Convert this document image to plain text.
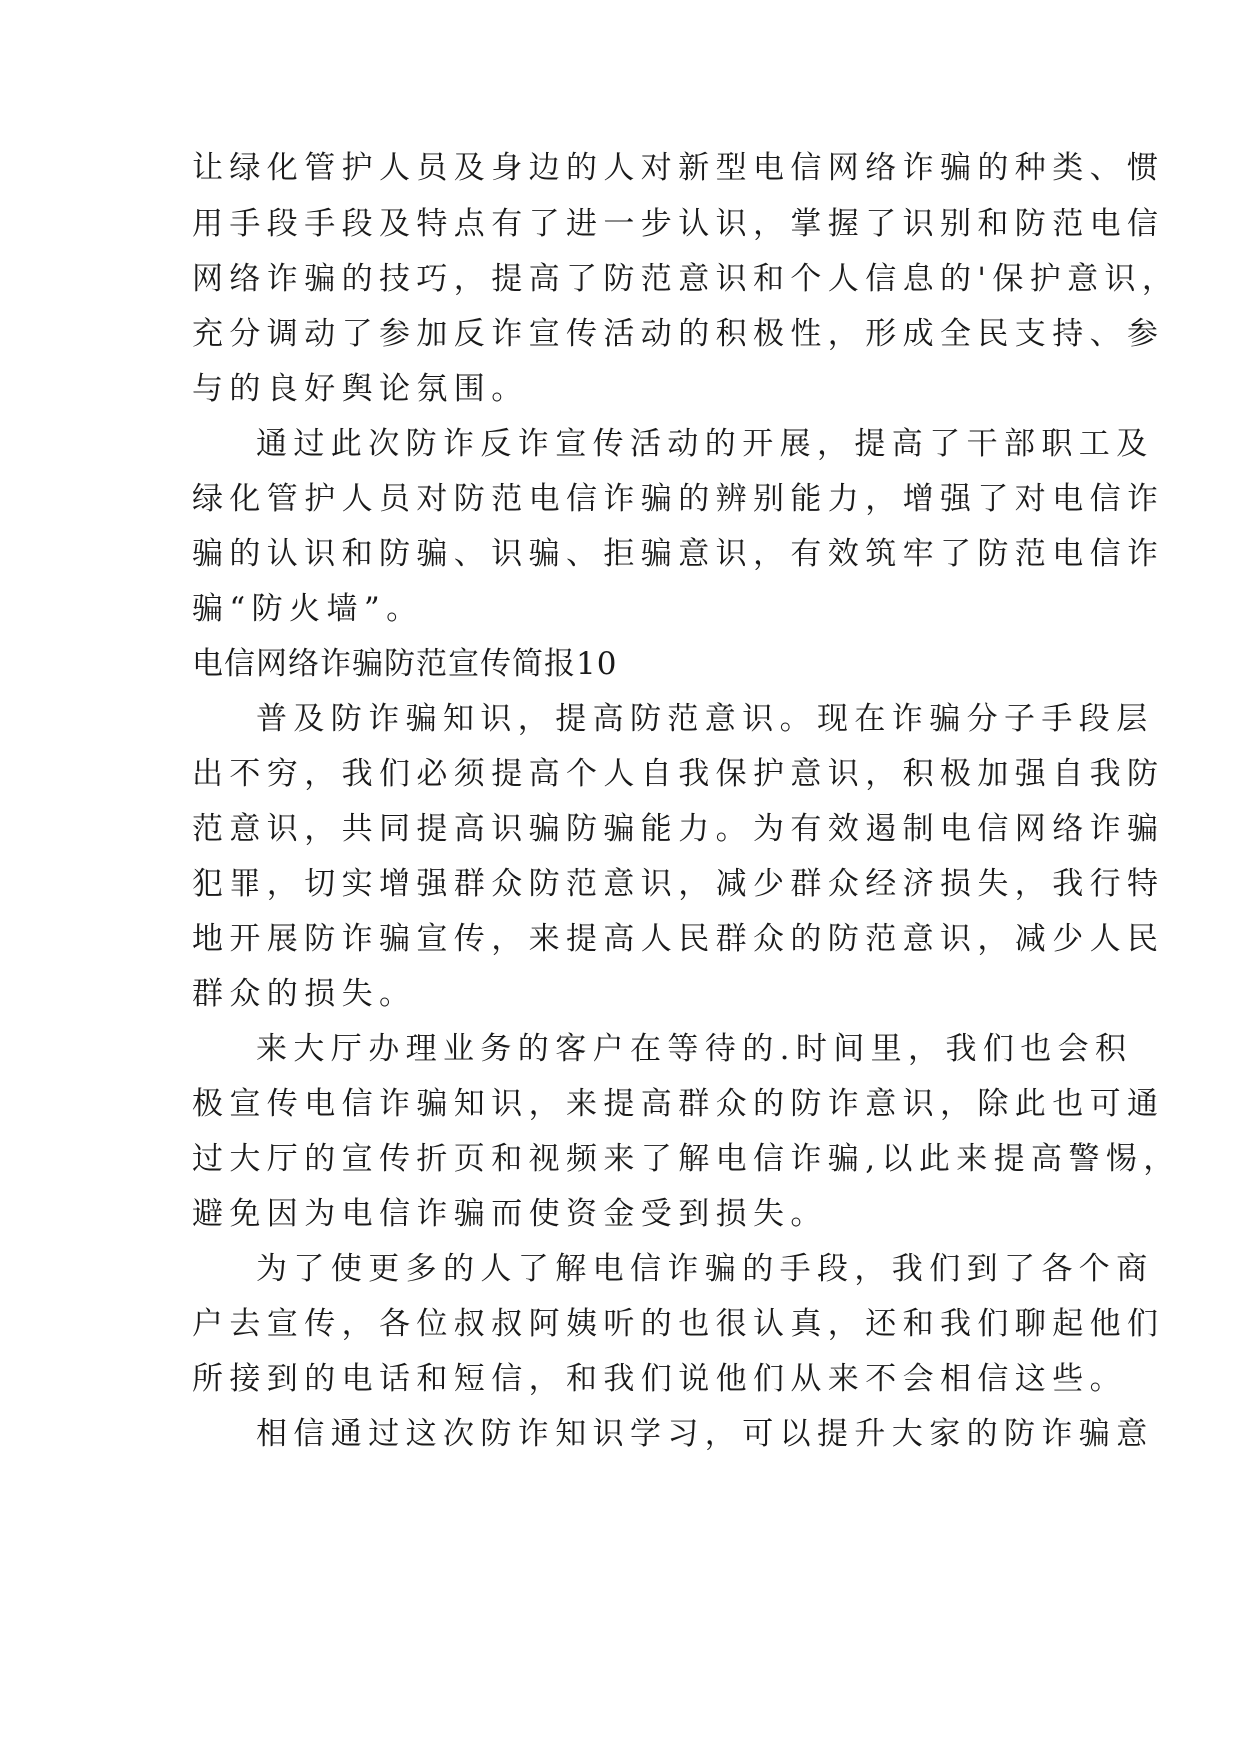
让绿化管护人员及身边的人对新型电信网络诈骗的种类、惯
用手段手段及特点有了进一步认识，掌握了识别和防范电信
网络诈骗的技巧，提高了防范意识和个人信息的'保护意识，
充分调动了参加反诈宣传活动的积极性，形成全民支持、参
与的良好舆论氛围。
通过此次防诈反诈宣传活动的开展，提高了干部职工及
绿化管护人员对防范电信诈骗的辨别能力，增强了对电信诈
骗的认识和防骗、识骗、拒骗意识，有效筑牢了防范电信诈
骗“防火墙”。
电信网络诈骗防范宣传简报10
普及防诈骗知识，提高防范意识。现在诈骗分子手段层
出不穷，我们必须提高个人自我保护意识，积极加强自我防
范意识，共同提高识骗防骗能力。为有效遏制电信网络诈骗
犯罪，切实增强群众防范意识，减少群众经济损失，我行特
地开展防诈骗宣传，来提高人民群众的防范意识，减少人民
群众的损失。
来大厅办理业务的客户在等待的.时间里，我们也会积
极宣传电信诈骗知识，来提高群众的防诈意识，除此也可通
过大厅的宣传折页和视频来了解电信诈骗,以此来提高警惕，
避免因为电信诈骗而使资金受到损失。
为了使更多的人了解电信诈骗的手段，我们到了各个商
户去宣传，各位叔叔阿姨听的也很认真，还和我们聊起他们
所接到的电话和短信，和我们说他们从来不会相信这些。
相信通过这次防诈知识学习，可以提升大家的防诈骗意
